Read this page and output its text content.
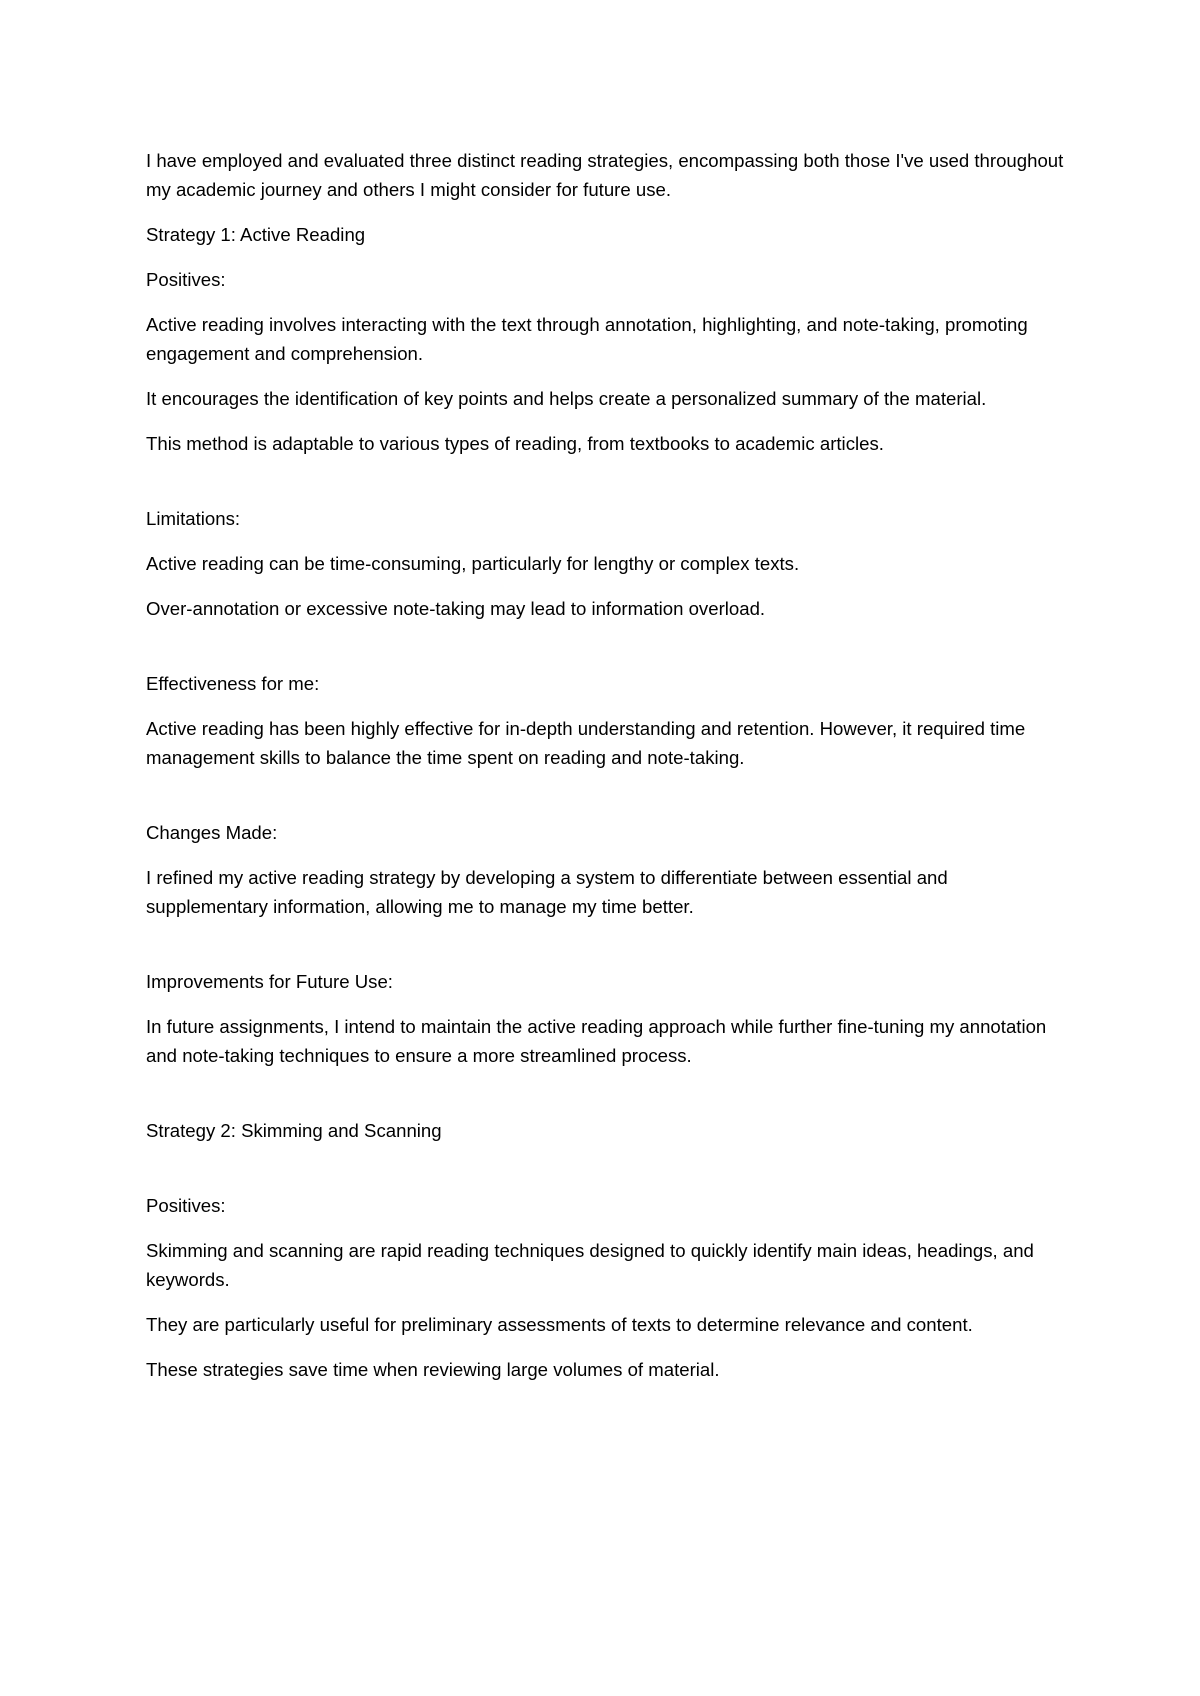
I have employed and evaluated three distinct reading strategies, encompassing both those I've used throughout my academic journey and others I might consider for future use.

Strategy 1: Active Reading

Positives:

Active reading involves interacting with the text through annotation, highlighting, and note-taking, promoting engagement and comprehension.

It encourages the identification of key points and helps create a personalized summary of the material.

This method is adaptable to various types of reading, from textbooks to academic articles.

Limitations:

Active reading can be time-consuming, particularly for lengthy or complex texts.

Over-annotation or excessive note-taking may lead to information overload.

Effectiveness for me:

Active reading has been highly effective for in-depth understanding and retention. However, it required time management skills to balance the time spent on reading and note-taking.

Changes Made:

I refined my active reading strategy by developing a system to differentiate between essential and supplementary information, allowing me to manage my time better.

Improvements for Future Use:

In future assignments, I intend to maintain the active reading approach while further fine-tuning my annotation and note-taking techniques to ensure a more streamlined process.

Strategy 2: Skimming and Scanning

Positives:

Skimming and scanning are rapid reading techniques designed to quickly identify main ideas, headings, and keywords.

They are particularly useful for preliminary assessments of texts to determine relevance and content.

These strategies save time when reviewing large volumes of material.
